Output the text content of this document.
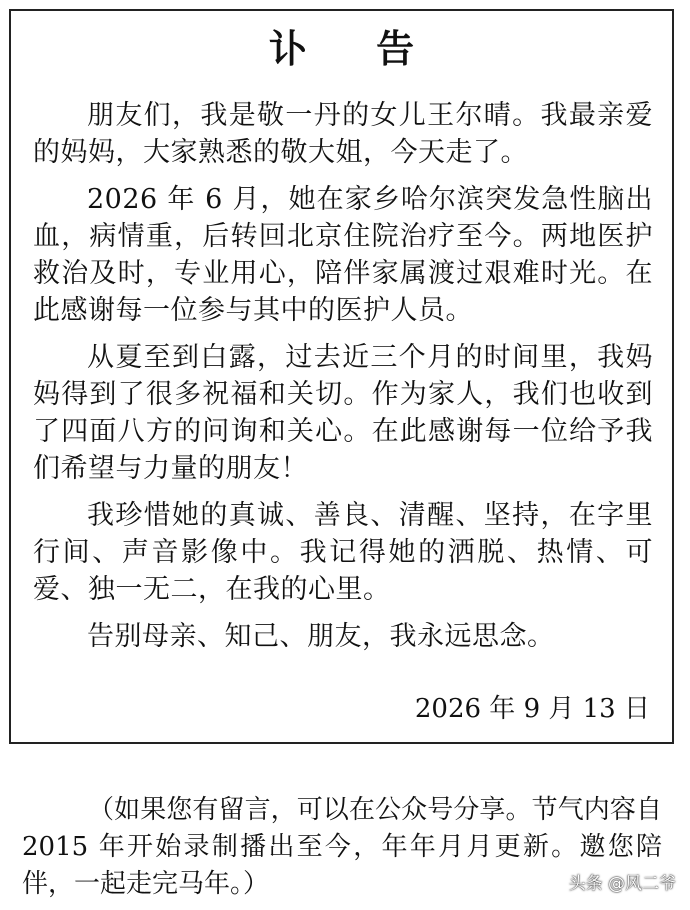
讣 告

朋友们，我是敬一丹的女儿王尔晴。我最亲爱的妈妈，大家熟悉的敬大姐，今天走了。

2026 年 6 月，她在家乡哈尔滨突发急性脑出血，病情重，后转回北京住院治疗至今。两地医护救治及时，专业用心，陪伴家属渡过艰难时光。在此感谢每一位参与其中的医护人员。

从夏至到白露，过去近三个月的时间里，我妈妈得到了很多祝福和关切。作为家人，我们也收到了四面八方的问询和关心。在此感谢每一位给予我们希望与力量的朋友！

我珍惜她的真诚、善良、清醒、坚持，在字里行间、声音影像中。我记得她的洒脱、热情、可爱、独一无二，在我的心里。

告别母亲、知己、朋友，我永远思念。

2026 年 9 月 13 日

（如果您有留言，可以在公众号分享。节气内容自 2015 年开始录制播出至今，年年月月更新。邀您陪伴，一起走完马年。）	头条 @风二爷
